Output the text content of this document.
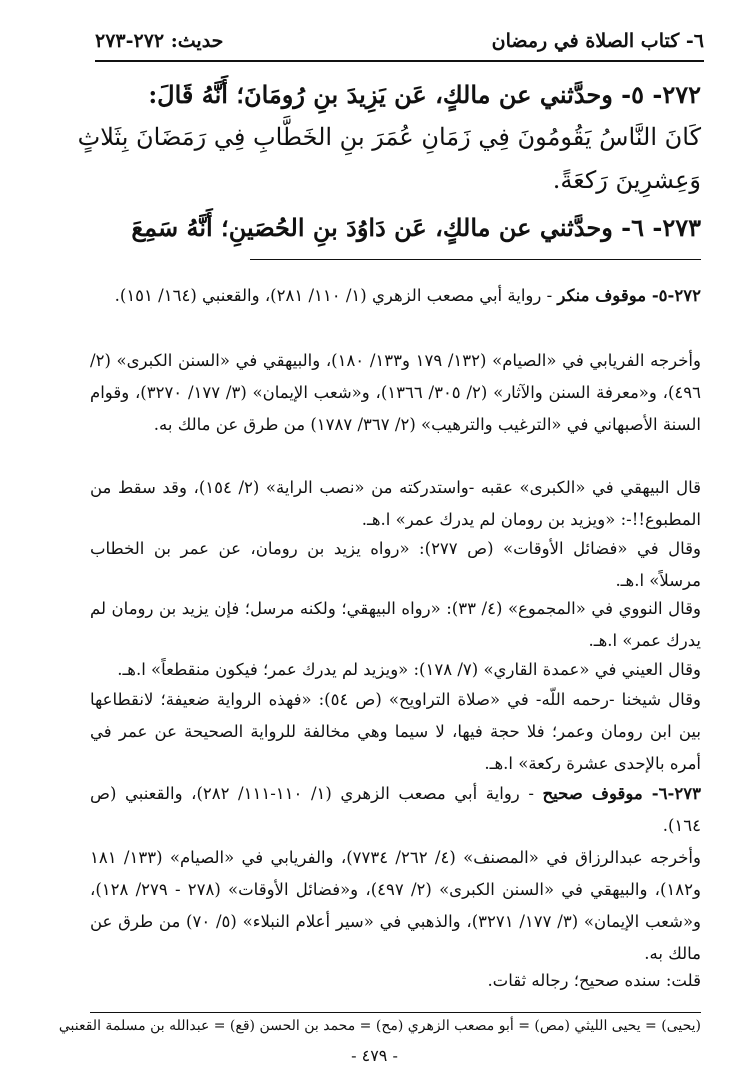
٦- كتاب الصلاة في رمضان
حديث: ٢٧٢-٢٧٣
٢٧٢- ٥- وحدَّثني عن مالكٍ، عَن يَزِيدَ بنِ رُومَانَ؛ أَنَّهُ قَالَ:
كَانَ النَّاسُ يَقُومُونَ فِي زَمَانِ عُمَرَ بنِ الخَطَّابِ فِي رَمَضَانَ بِثَلاثٍ
وَعِشرِينَ رَكعَةً.
٢٧٣- ٦- وحدَّثني عن مالكٍ، عَن دَاوُدَ بنِ الحُصَينِ؛ أَنَّهُ سَمِعَ
٢٧٢-٥- موقوف منكر - رواية أبي مصعب الزهري (١/ ١١٠/ ٢٨١)، والقعنبي (١٦٤/ ١٥١).
وأخرجه الفريابي في «الصيام» (١٣٢/ ١٧٩ و١٣٣/ ١٨٠)، والبيهقي في «السنن الكبرى» (٢/ ٤٩٦)، و«معرفة السنن والآثار» (٢/ ٣٠٥/ ١٣٦٦)، و«شعب الإيمان» (٣/ ١٧٧/ ٣٢٧٠)، وقوام السنة الأصبهاني في «الترغيب والترهيب» (٢/ ٣٦٧/ ١٧٨٧) من طرق عن مالك به.
قال البيهقي في «الكبرى» عقبه -واستدركته من «نصب الراية» (٢/ ١٥٤)، وقد سقط من المطبوع!!-: «ويزيد بن رومان لم يدرك عمر» ا.هـ.
وقال في «فضائل الأوقات» (ص ٢٧٧): «رواه يزيد بن رومان، عن عمر بن الخطاب مرسلاً» ا.هـ.
وقال النووي في «المجموع» (٤/ ٣٣): «رواه البيهقي؛ ولكنه مرسل؛ فإن يزيد بن رومان لم يدرك عمر» ا.هـ.
وقال العيني في «عمدة القاري» (٧/ ١٧٨): «ويزيد لم يدرك عمر؛ فيكون منقطعاً» ا.هـ.
وقال شيخنا -رحمه اللّه- في «صلاة التراويح» (ص ٥٤): «فهذه الرواية ضعيفة؛ لانقطاعها بين ابن رومان وعمر؛ فلا حجة فيها، لا سيما وهي مخالفة للرواية الصحيحة عن عمر في أمره بالإحدى عشرة ركعة» ا.هـ.
٢٧٣-٦- موقوف صحيح - رواية أبي مصعب الزهري (١/ ١١٠-١١١/ ٢٨٢)، والقعنبي (ص ١٦٤).
وأخرجه عبدالرزاق في «المصنف» (٤/ ٢٦٢/ ٧٧٣٤)، والفريابي في «الصيام» (١٣٣/ ١٨١ و١٨٢)، والبيهقي في «السنن الكبرى» (٢/ ٤٩٧)، و«فضائل الأوقات» (٢٧٨ - ٢٧٩/ ١٢٨)، و«شعب الإيمان» (٣/ ١٧٧/ ٣٢٧١)، والذهبي في «سير أعلام النبلاء» (٥/ ٧٠) من طرق عن مالك به.
قلت: سنده صحيح؛ رجاله ثقات.
(يحيى) = يحيى الليثي (مص) = أبو مصعب الزهري (مح) = محمد بن الحسن (قع) = عبدالله بن مسلمة القعنبي
- ٤٧٩ -
